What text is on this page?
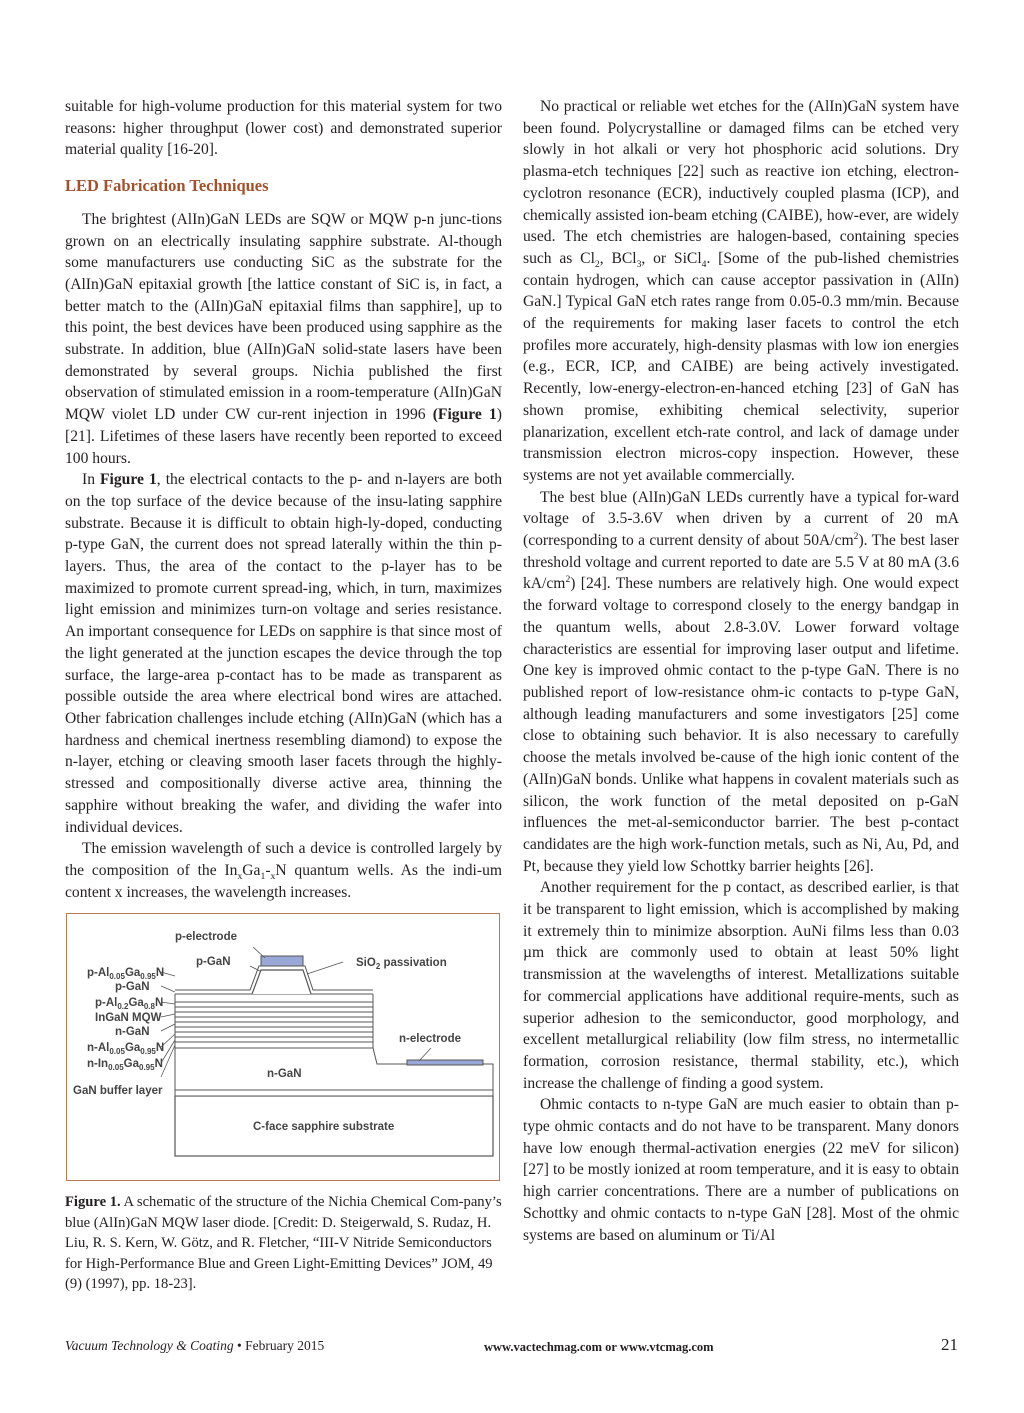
suitable for high-volume production for this material system for two reasons: higher throughput (lower cost) and demonstrated superior material quality [16-20].

LED Fabrication Techniques

The brightest (AlIn)GaN LEDs are SQW or MQW p-n junc-tions grown on an electrically insulating sapphire substrate. Al-though some manufacturers use conducting SiC as the substrate for the (AlIn)GaN epitaxial growth [the lattice constant of SiC is, in fact, a better match to the (AlIn)GaN epitaxial films than sapphire], up to this point, the best devices have been produced using sapphire as the substrate. In addition, blue (AlIn)GaN solid-state lasers have been demonstrated by several groups. Nichia published the first observation of stimulated emission in a room-temperature (AlIn)GaN MQW violet LD under CW cur-rent injection in 1996 (Figure 1) [21]. Lifetimes of these lasers have recently been reported to exceed 100 hours.

In Figure 1, the electrical contacts to the p- and n-layers are both on the top surface of the device because of the insu-lating sapphire substrate. Because it is difficult to obtain high-ly-doped, conducting p-type GaN, the current does not spread laterally within the thin p-layers. Thus, the area of the contact to the p-layer has to be maximized to promote current spread-ing, which, in turn, maximizes light emission and minimizes turn-on voltage and series resistance. An important consequence for LEDs on sapphire is that since most of the light generated at the junction escapes the device through the top surface, the large-area p-contact has to be made as transparent as possible outside the area where electrical bond wires are attached. Other fabrication challenges include etching (AlIn)GaN (which has a hardness and chemical inertness resembling diamond) to expose the n-layer, etching or cleaving smooth laser facets through the highly-stressed and compositionally diverse active area, thinning the sapphire without breaking the wafer, and dividing the wafer into individual devices.

The emission wavelength of such a device is controlled largely by the composition of the $In_xGa_1-_xN$ quantum wells. As the indi-um content x increases, the wavelength increases.

p-electrode
p-GaN	SiO$_2$ passivation
$p-Al_{0.05}Ga_{0.95}N$
p-GaN
$p-Al_{0.2}Ga_{0.8}N$
InGaN MQW
n-GaN
$n-Al_{0.05}Ga_{0.95}N$
$n-In_{0.05}Ga_{0.95}N$
GaN buffer layer
n-GaN
n-electrode
C-face sapphire substrate
Figure 1. A schematic of the structure of the Nichia Chemical Com-pany’s blue (AlIn)GaN MQW laser diode. [Credit: D. Steigerwald, S. Rudaz, H. Liu, R. S. Kern, W. Götz, and R. Fletcher, “III-V Nitride Semiconductors for High-Performance Blue and Green Light-Emitting Devices” JOM, 49 (9) (1997), pp. 18-23].

No practical or reliable wet etches for the (AlIn)GaN system have been found. Polycrystalline or damaged films can be etched very slowly in hot alkali or very hot phosphoric acid solutions. Dry plasma-etch techniques [22] such as reactive ion etching, electron-cyclotron resonance (ECR), inductively coupled plasma (ICP), and chemically assisted ion-beam etching (CAIBE), how-ever, are widely used. The etch chemistries are halogen-based, containing species such as $Cl_2$, BCl$_3$, or SiCl$_4$. [Some of the pub-lished chemistries contain hydrogen, which can cause acceptor passivation in (AlIn) GaN.] Typical GaN etch rates range from 0.05-0.3 mm/min. Because of the requirements for making laser facets to control the etch profiles more accurately, high-density plasmas with low ion energies (e.g., ECR, ICP, and CAIBE) are being actively investigated. Recently, low-energy-electron-en-hanced etching [23] of GaN has shown promise, exhibiting chemical selectivity, superior planarization, excellent etch-rate control, and lack of damage under transmission electron micros-copy inspection. However, these systems are not yet available commercially.

The best blue (AlIn)GaN LEDs currently have a typical for-ward voltage of 3.5-3.6V when driven by a current of 20 mA (corresponding to a current density of about $50A/cm^2$). The best laser threshold voltage and current reported to date are 5.5 V at 80 mA (3.6 $kA/cm^2$) [24]. These numbers are relatively high. One would expect the forward voltage to correspond closely to the energy bandgap in the quantum wells, about 2.8-3.0V. Lower forward voltage characteristics are essential for improving laser output and lifetime. One key is improved ohmic contact to the p-type GaN. There is no published report of low-resistance ohm-ic contacts to p-type GaN, although leading manufacturers and some investigators [25] come close to obtaining such behavior. It is also necessary to carefully choose the metals involved be-cause of the high ionic content of the (AlIn)GaN bonds. Unlike what happens in covalent materials such as silicon, the work function of the metal deposited on p-GaN influences the met-al-semiconductor barrier. The best p-contact candidates are the high work-function metals, such as Ni, Au, Pd, and Pt, because they yield low Schottky barrier heights [26].

Another requirement for the p contact, as described earlier, is that it be transparent to light emission, which is accomplished by making it extremely thin to minimize absorption. AuNi films less than 0.03 µm thick are commonly used to obtain at least 50% light transmission at the wavelengths of interest. Metallizations suitable for commercial applications have additional require-ments, such as superior adhesion to the semiconductor, good morphology, and excellent metallurgical reliability (low film stress, no intermetallic formation, corrosion resistance, thermal stability, etc.), which increase the challenge of finding a good system.

Ohmic contacts to n-type GaN are much easier to obtain than p-type ohmic contacts and do not have to be transparent. Many donors have low enough thermal-activation energies (22 meV for silicon) [27] to be mostly ionized at room temperature, and it is easy to obtain high carrier concentrations. There are a number of publications on Schottky and ohmic contacts to n-type GaN [28]. Most of the ohmic systems are based on aluminum or Ti/Al

Vacuum Technology & Coating • February 2015	www.vactechmag.com or www.vtcmag.com	21
